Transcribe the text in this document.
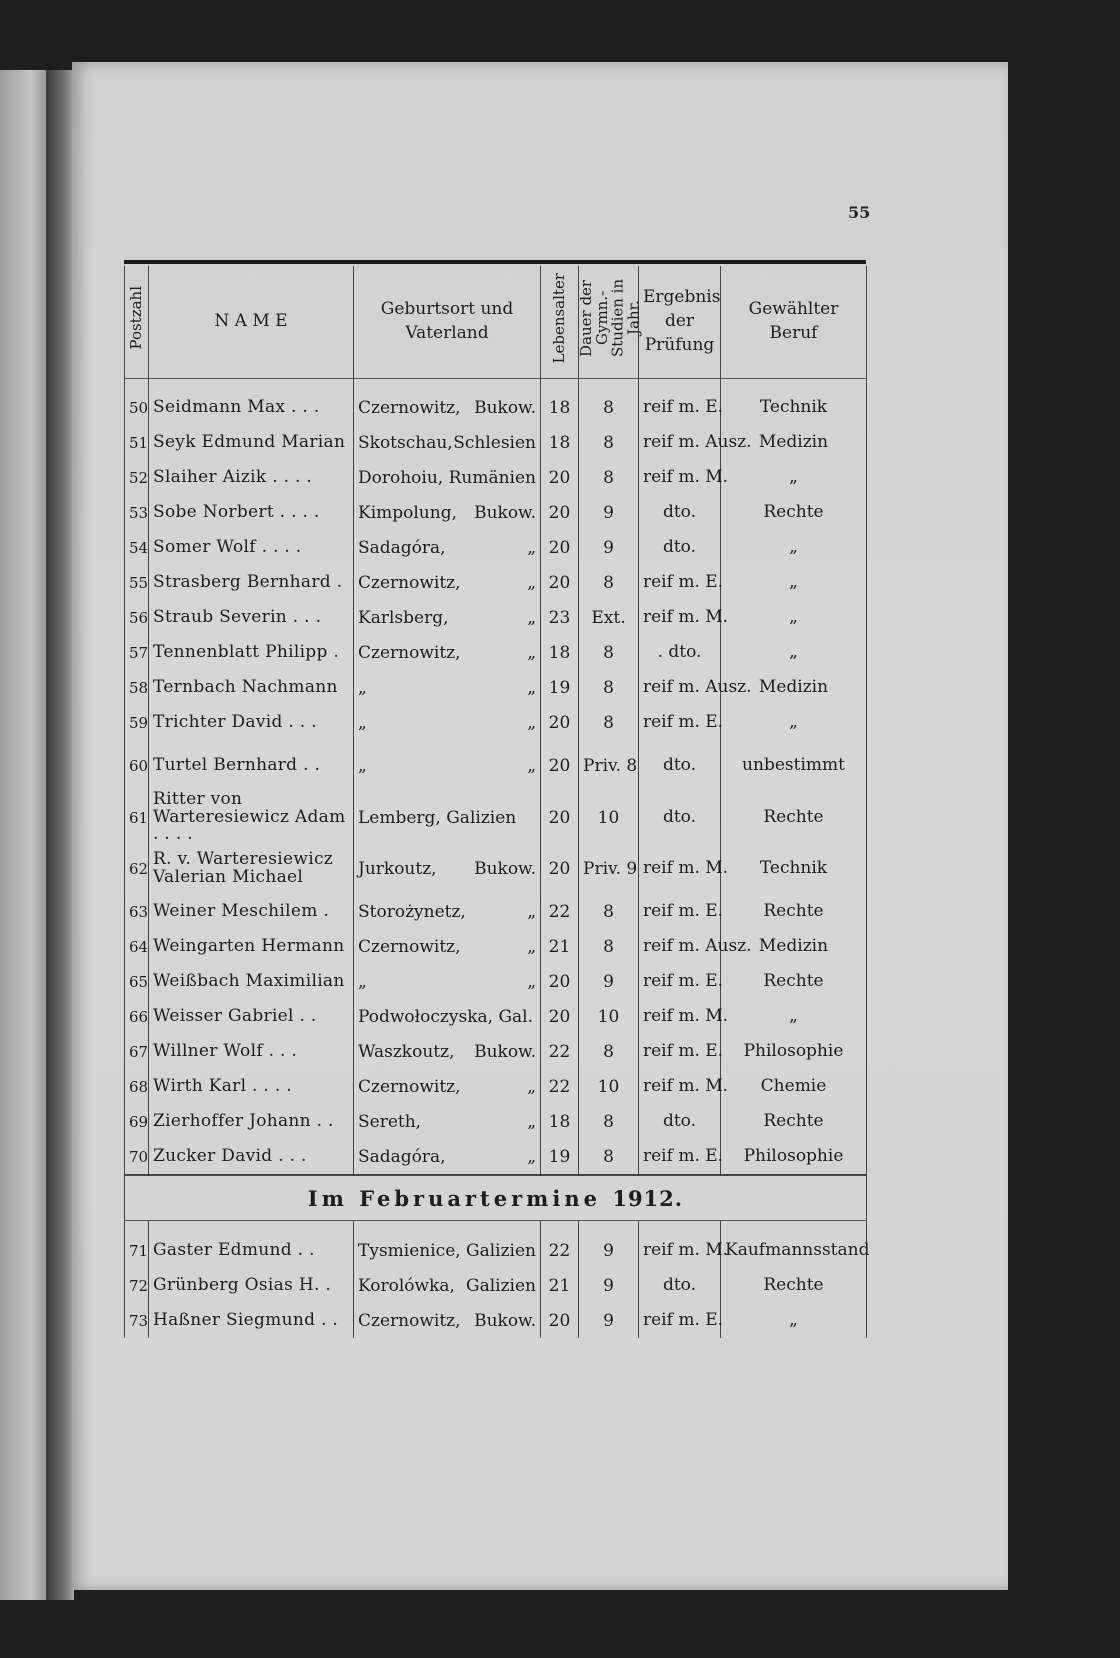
55
Postzahl	N A M E	Geburtsort und Vaterland	Lebensalter	Dauer der Gymn.-Studien in Jahr.	Ergebnis der Prüfung	Gewählter Beruf

50	Seidmann Max . . .	Czernowitz, Bukow.	18	8	reif m. E.	Technik
51	Seyk Edmund Marian	Skotschau, Schlesien	18	8	reif m. Ausz.	Medizin
52	Slaiher Aizik . . . .	Dorohoiu, Rumänien	20	8	reif m. M.	„
53	Sobe Norbert . . . .	Kimpolung, Bukow.	20	9	dto.	Rechte
54	Somer Wolf . . . .	Sadagóra, „	20	9	dto.	„
55	Strasberg Bernhard .	Czernowitz, „	20	8	reif m. E.	„
56	Straub Severin . . .	Karlsberg, „	23	Ext.	reif m. M.	„
57	Tennenblatt Philipp .	Czernowitz, „	18	8	. dto.	„
58	Ternbach Nachmann	„ „	19	8	reif m. Ausz.	Medizin
59	Trichter David . . .	„ „	20	8	reif m. E.	„
60	Turtel Bernhard . .	„ „	20	Priv. 8	dto.	unbestimmt
61	Ritter von Warteresiewicz Adam . . . .	Lemberg, Galizien	20	10	dto.	Rechte
62	R. v. Warteresiewicz Valerian Michael	Jurkoutz, Bukow.	20	Priv. 9	reif m. M.	Technik
63	Weiner Meschilem .	Storożynetz, „	22	8	reif m. E.	Rechte
64	Weingarten Hermann	Czernowitz, „	21	8	reif m. Ausz.	Medizin
65	Weißbach Maximilian	„ „	20	9	reif m. E.	Rechte
66	Weisser Gabriel . .	Podwołoczyska, Gal.	20	10	reif m. M.	„
67	Willner Wolf . . .	Waszkoutz, Bukow.	22	8	reif m. E.	Philosophie
68	Wirth Karl . . . .	Czernowitz, „	22	10	reif m. M.	Chemie
69	Zierhoffer Johann . .	Sereth, „	18	8	dto.	Rechte
70	Zucker David . . .	Sadagóra, „	19	8	reif m. E.	Philosophie
Im Februartermine 1912.						

71	Gaster Edmund . .	Tysmienice, Galizien	22	9	reif m. M.	Kaufmannsstand
72	Grünberg Osias H. .	Korolówka, Galizien	21	9	dto.	Rechte
73	Haßner Siegmund . .	Czernowitz, Bukow.	20	9	reif m. E.	„
